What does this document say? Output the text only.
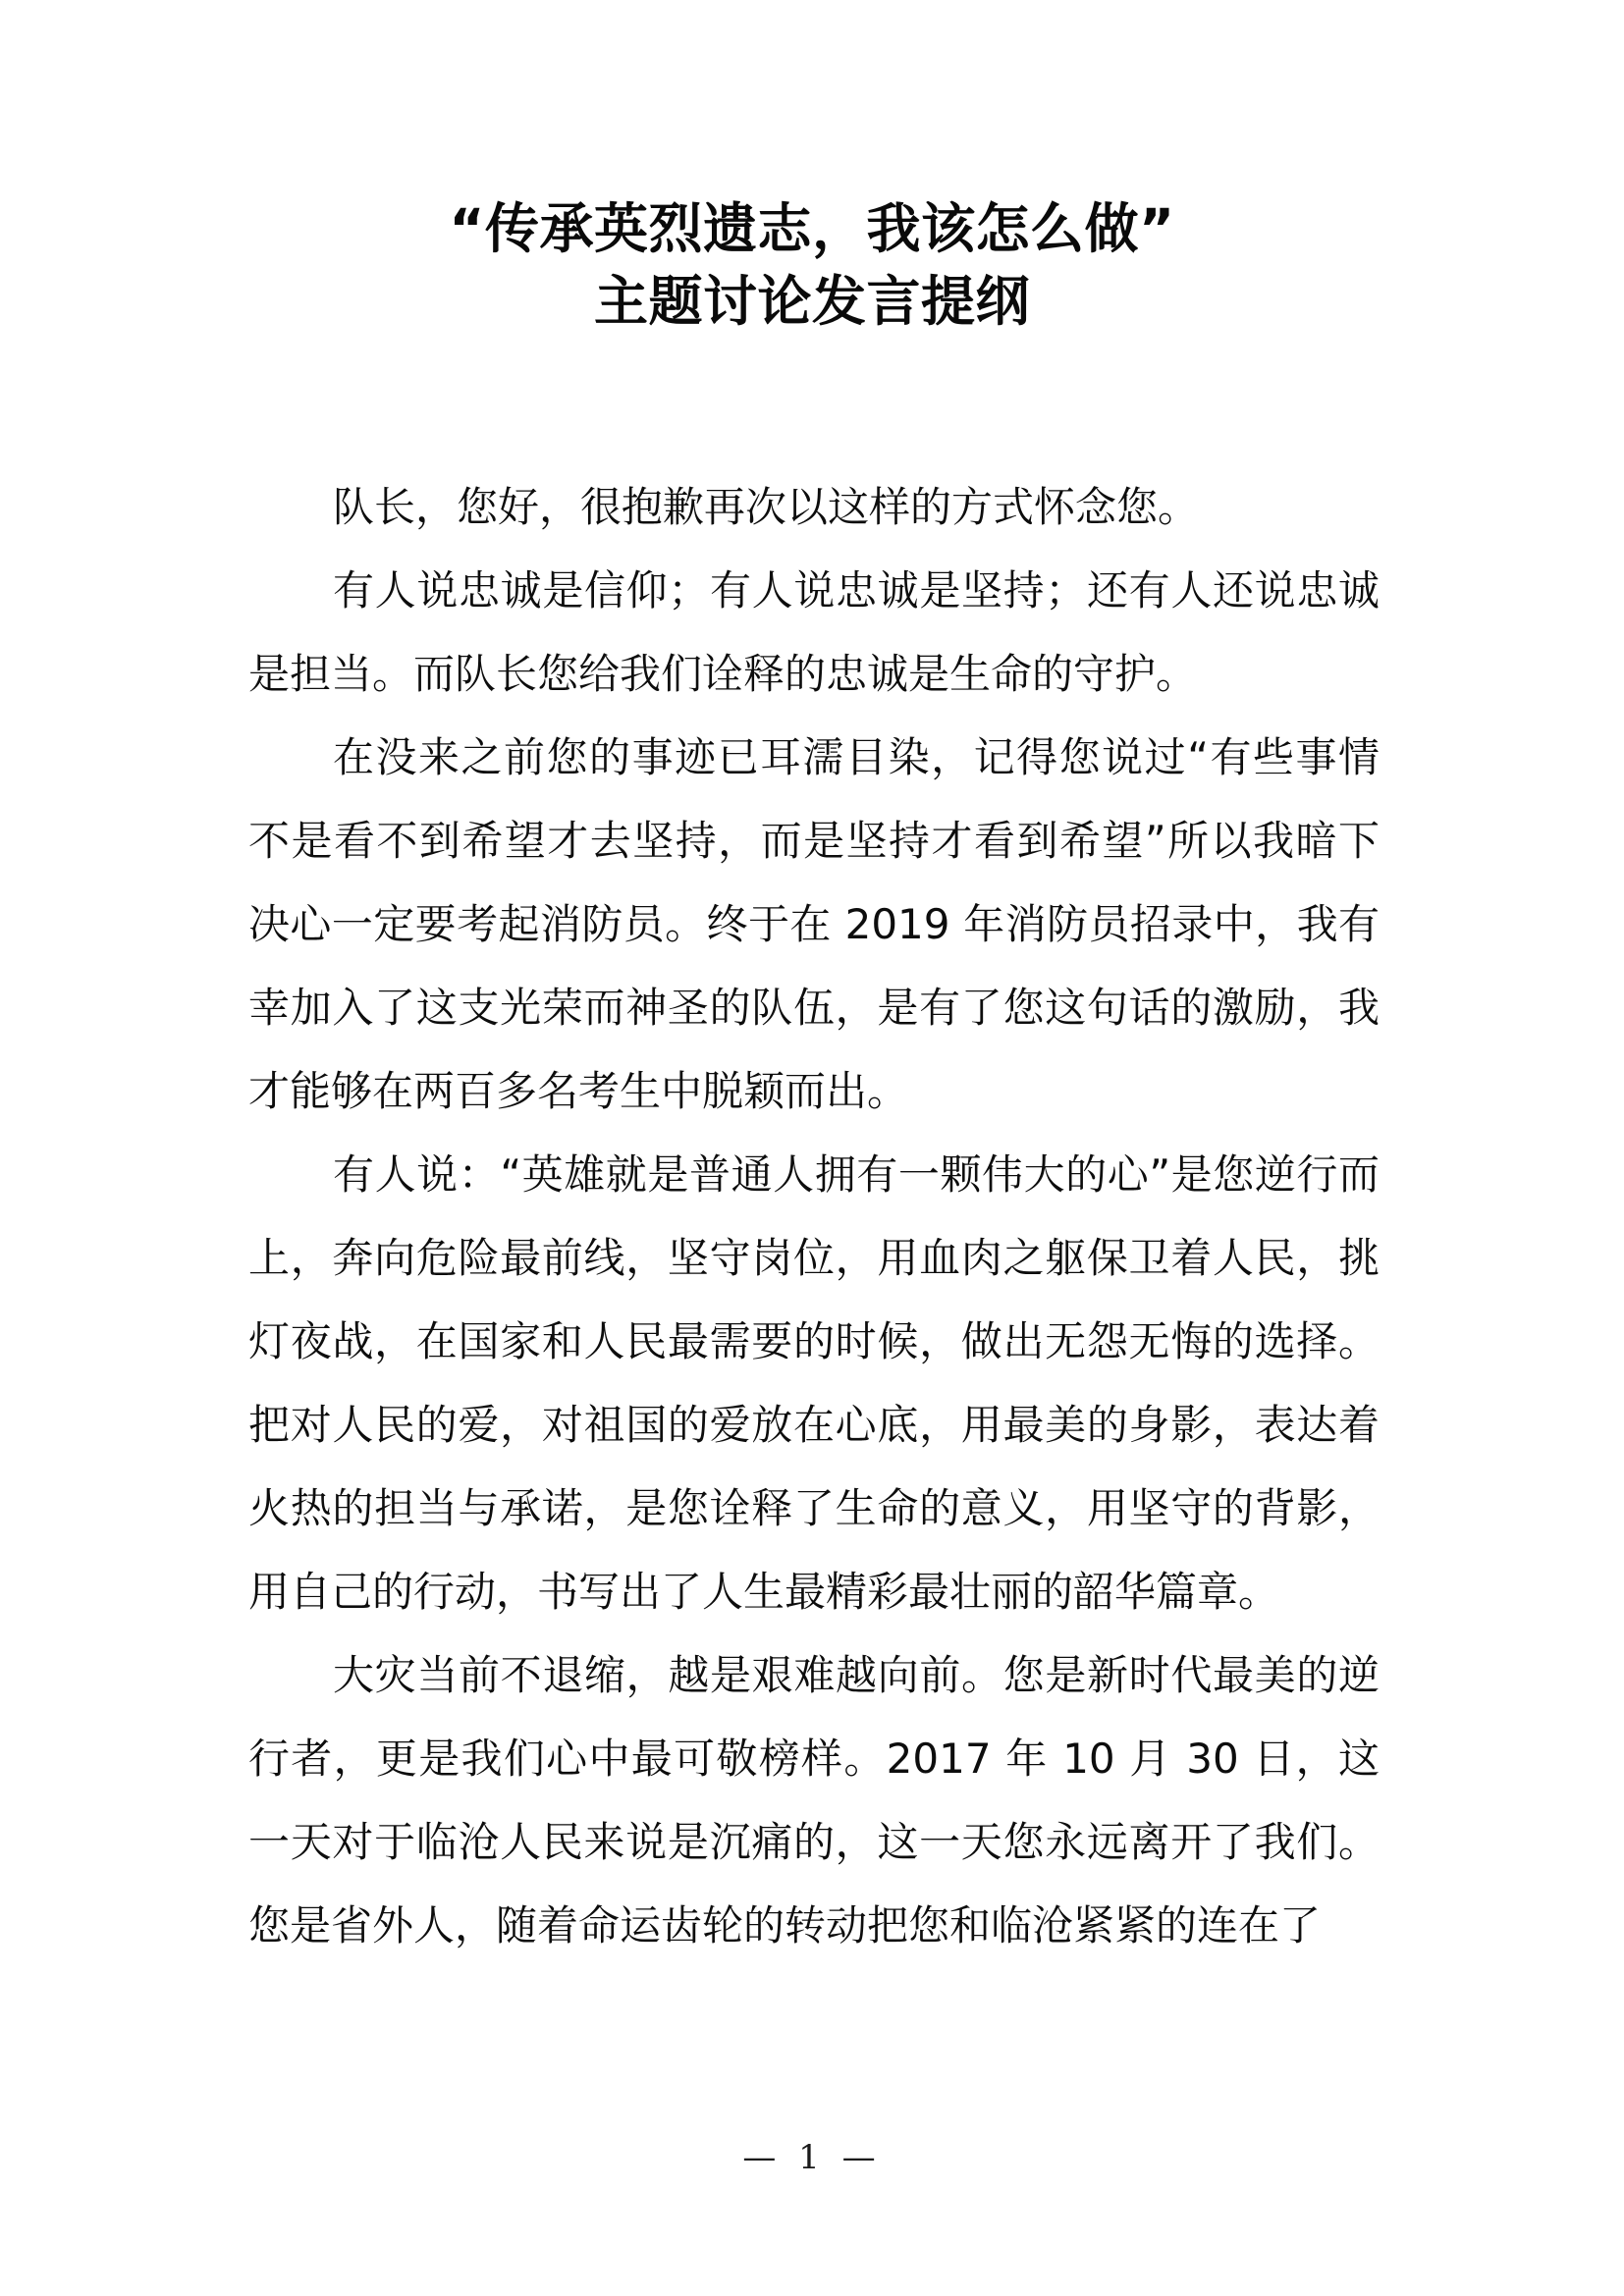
“传承英烈遗志，我该怎么做”
主题讨论发言提纲

队长，您好，很抱歉再次以这样的方式怀念您。

有人说忠诚是信仰；有人说忠诚是坚持；还有人还说忠诚是担当。而队长您给我们诠释的忠诚是生命的守护。

在没来之前您的事迹已耳濡目染，记得您说过“有些事情不是看不到希望才去坚持，而是坚持才看到希望”所以我暗下决心一定要考起消防员。终于在 2019 年消防员招录中，我有幸加入了这支光荣而神圣的队伍，是有了您这句话的激励，我才能够在两百多名考生中脱颖而出。

有人说：“英雄就是普通人拥有一颗伟大的心”是您逆行而上，奔向危险最前线，坚守岗位，用血肉之躯保卫着人民，挑灯夜战，在国家和人民最需要的时候，做出无怨无悔的选择。把对人民的爱，对祖国的爱放在心底，用最美的身影，表达着火热的担当与承诺，是您诠释了生命的意义，用坚守的背影，用自己的行动，书写出了人生最精彩最壮丽的韶华篇章。

大灾当前不退缩，越是艰难越向前。您是新时代最美的逆行者，更是我们心中最可敬榜样。2017 年 10 月 30 日，这一天对于临沧人民来说是沉痛的，这一天您永远离开了我们。您是省外人，随着命运齿轮的转动把您和临沧紧紧的连在了

— 1 —
